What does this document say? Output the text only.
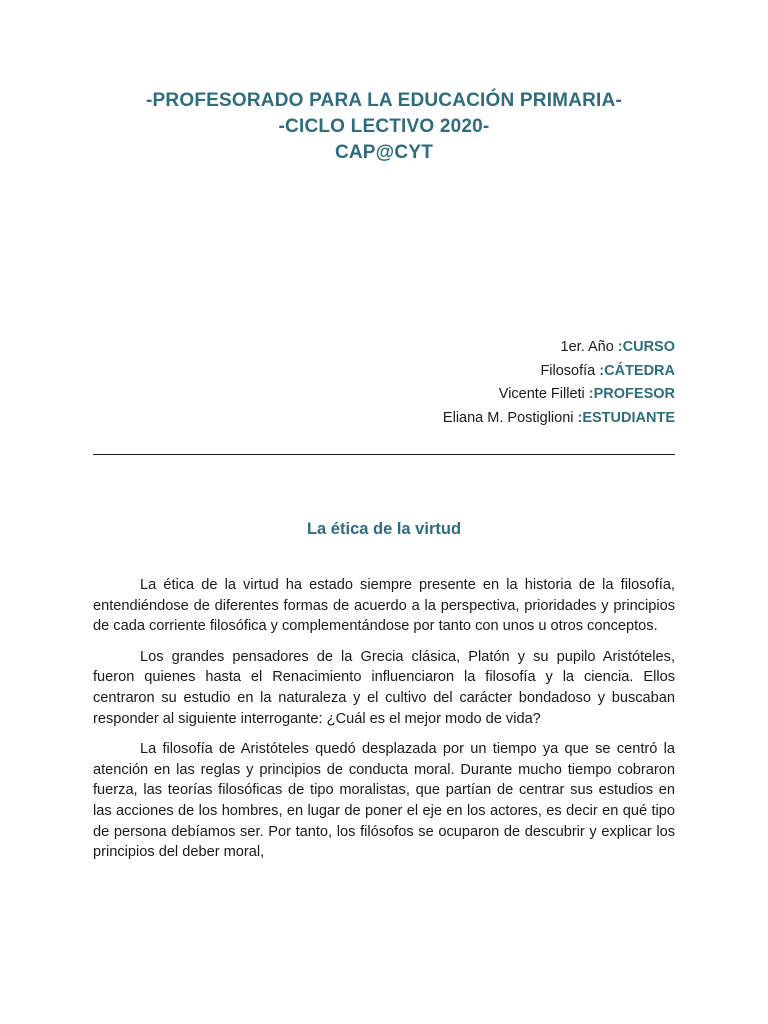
-PROFESORADO PARA LA EDUCACIÓN PRIMARIA-
-CICLO LECTIVO 2020-
CAP@CYT
1er. Año :CURSO
Filosofía :CÁTEDRA
Vicente Filleti :PROFESOR
Eliana M. Postiglioni :ESTUDIANTE
La ética de la virtud

La ética de la virtud ha estado siempre presente en la historia de la filosofía, entendiéndose de diferentes formas de acuerdo a la perspectiva, prioridades y principios de cada corriente filosófica y complementándose por tanto con unos u otros conceptos.

Los grandes pensadores de la Grecia clásica, Platón y su pupilo Aristóteles, fueron quienes hasta el Renacimiento influenciaron la filosofía y la ciencia. Ellos centraron su estudio en la naturaleza y el cultivo del carácter bondadoso y buscaban responder al siguiente interrogante: ¿Cuál es el mejor modo de vida?

La filosofía de Aristóteles quedó desplazada por un tiempo ya que se centró la atención en las reglas y principios de conducta moral. Durante mucho tiempo cobraron fuerza, las teorías filosóficas de tipo moralistas, que partían de centrar sus estudios en las acciones de los hombres, en lugar de poner el eje en los actores, es decir en qué tipo de persona debíamos ser. Por tanto, los filósofos se ocuparon de descubrir y explicar los principios del deber moral,
